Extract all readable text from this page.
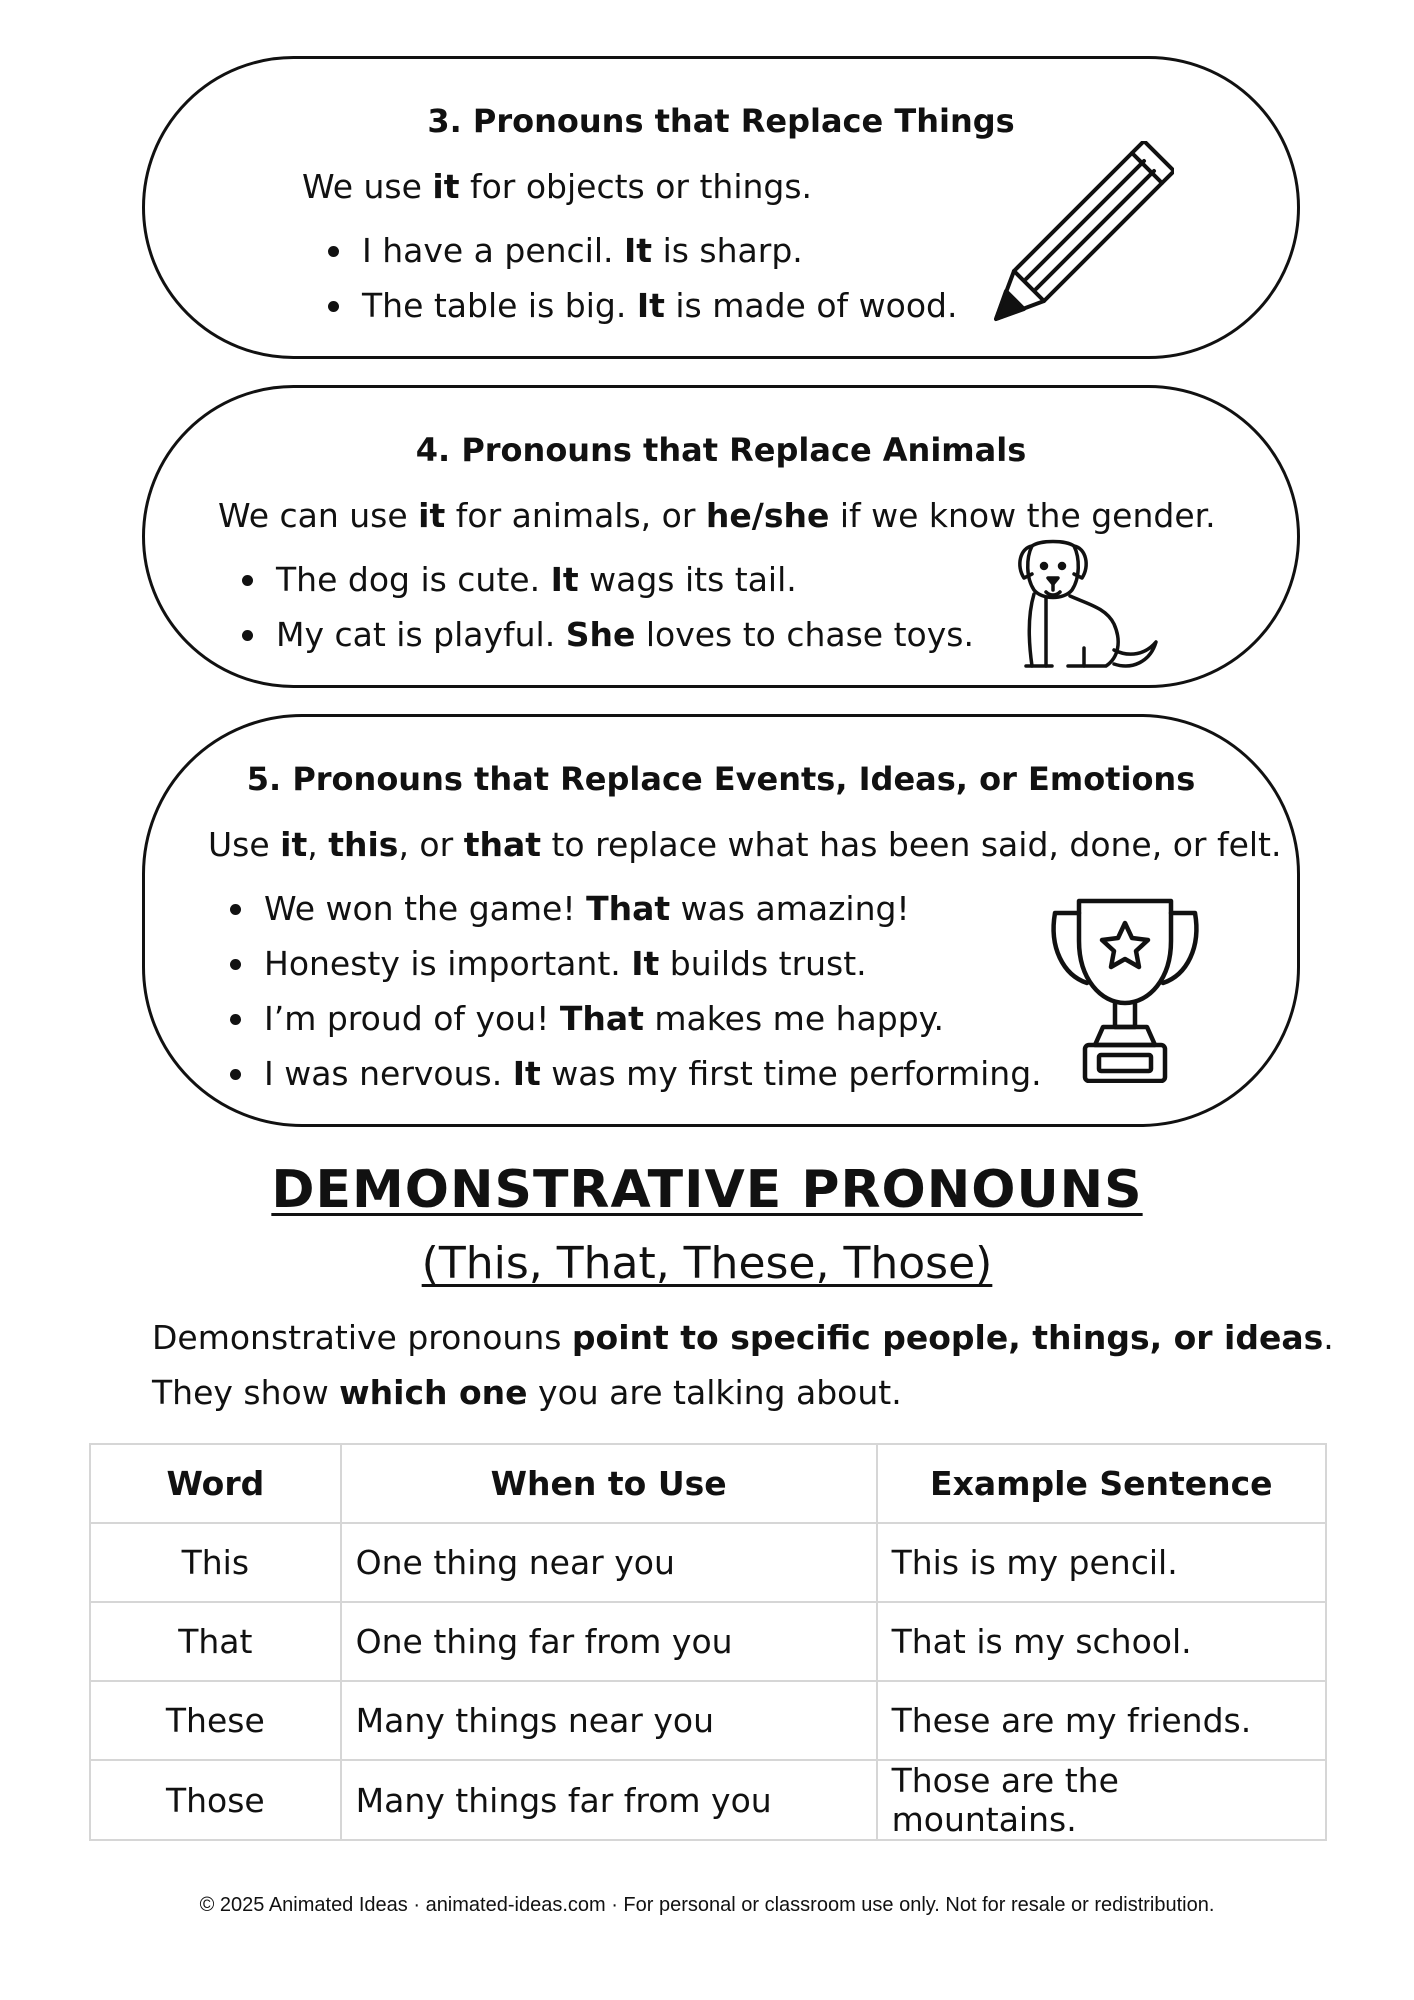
3. Pronouns that Replace Things
We use it for objects or things.
I have a pencil. It is sharp.
The table is big. It is made of wood.
4. Pronouns that Replace Animals
We can use it for animals, or he/she if we know the gender.
The dog is cute. It wags its tail.
My cat is playful. She loves to chase toys.
5. Pronouns that Replace Events, Ideas, or Emotions
Use it, this, or that to replace what has been said, done, or felt.
We won the game! That was amazing!
Honesty is important. It builds trust.
I’m proud of you! That makes me happy.
I was nervous. It was my first time performing.
DEMONSTRATIVE PRONOUNS
(This, That, These, Those)
Demonstrative pronouns point to specific people, things, or ideas.
They show which one you are talking about.
Word	When to Use	Example Sentence
This	One thing near you	This is my pencil.
That	One thing far from you	That is my school.
These	Many things near you	These are my friends.
Those	Many things far from you	Those are the mountains.
© 2025 Animated Ideas · animated-ideas.com · For personal or classroom use only. Not for resale or redistribution.
